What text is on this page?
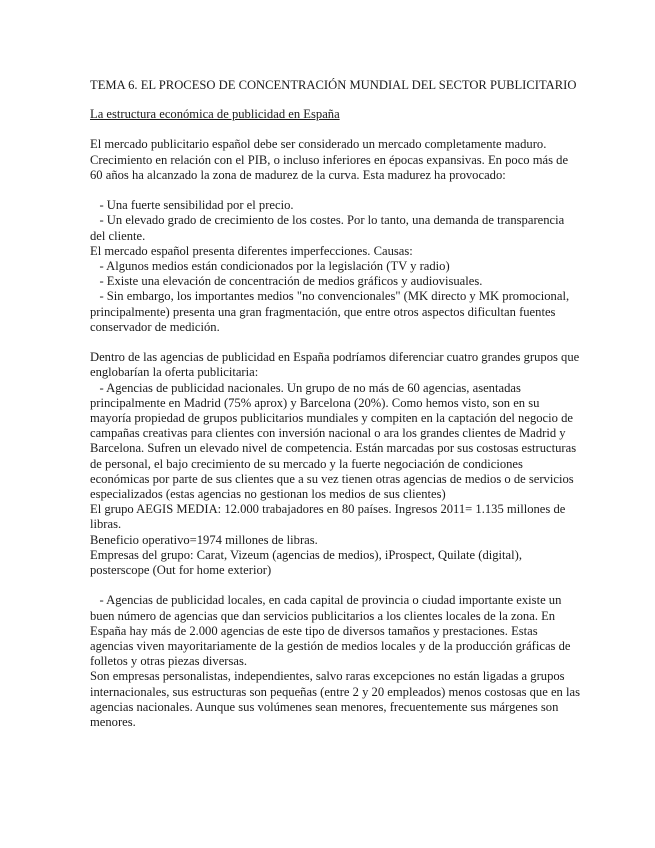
TEMA 6. EL PROCESO DE CONCENTRACIÓN MUNDIAL DEL SECTOR PUBLICITARIO

La estructura económica de publicidad en España

El mercado publicitario español debe ser considerado un mercado completamente maduro. Crecimiento en relación con el PIB, o incluso inferiores en épocas expansivas. En poco más de 60 años ha alcanzado la zona de madurez de la curva. Esta madurez ha provocado:

- Una fuerte sensibilidad por el precio.

- Un elevado grado de crecimiento de los costes. Por lo tanto, una demanda de transparencia del cliente.

El mercado español presenta diferentes imperfecciones. Causas:

- Algunos medios están condicionados por la legislación (TV y radio)

- Existe una elevación de concentración de medios gráficos y audiovisuales.

- Sin embargo, los importantes medios "no convencionales" (MK directo y MK promocional, principalmente) presenta una gran fragmentación, que entre otros aspectos dificultan fuentes conservador de medición.

Dentro de las agencias de publicidad en España podríamos diferenciar cuatro grandes grupos que englobarían la oferta publicitaria:

- Agencias de publicidad nacionales. Un grupo de no más de 60 agencias, asentadas principalmente en Madrid (75% aprox) y Barcelona (20%). Como hemos visto, son en su mayoría propiedad de grupos publicitarios mundiales y compiten en la captación del negocio de campañas creativas para clientes con inversión nacional o ara los grandes clientes de Madrid y Barcelona. Sufren un elevado nivel de competencia. Están marcadas por sus costosas estructuras de personal, el bajo crecimiento de su mercado y la fuerte negociación de condiciones económicas por parte de sus clientes que a su vez tienen otras agencias de medios o de servicios especializados (estas agencias no gestionan los medios de sus clientes)

El grupo AEGIS MEDIA: 12.000 trabajadores en 80 países. Ingresos 2011= 1.135 millones de libras.

Beneficio operativo=1974 millones de libras.

Empresas del grupo: Carat, Vizeum (agencias de medios), iProspect, Quilate (digital), posterscope (Out for home exterior)

- Agencias de publicidad locales, en cada capital de provincia o ciudad importante existe un buen número de agencias que dan servicios publicitarios a los clientes locales de la zona. En España hay más de 2.000 agencias de este tipo de diversos tamaños y prestaciones. Estas agencias viven mayoritariamente de la gestión de medios locales y de la producción gráficas de folletos y otras piezas diversas.

Son empresas personalistas, independientes, salvo raras excepciones no están ligadas a grupos internacionales, sus estructuras son pequeñas (entre 2 y 20 empleados) menos costosas que en las agencias nacionales. Aunque sus volúmenes sean menores, frecuentemente sus márgenes son menores.
